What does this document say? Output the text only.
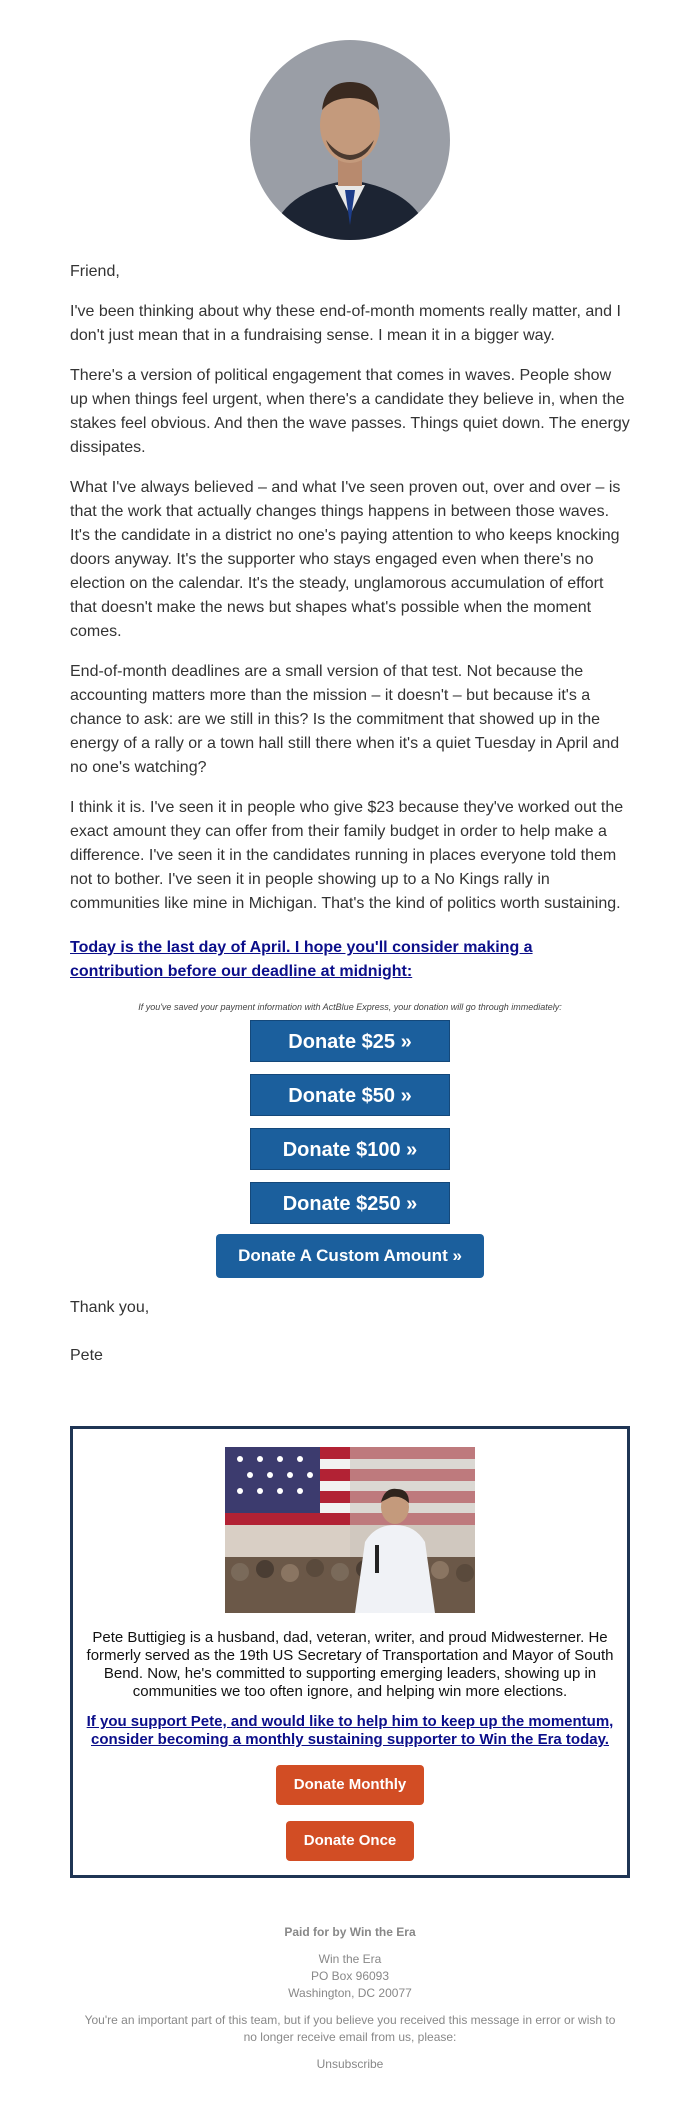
Friend,

I've been thinking about why these end-of-month moments really matter, and I don't just mean that in a fundraising sense. I mean it in a bigger way.

There's a version of political engagement that comes in waves. People show up when things feel urgent, when there's a candidate they believe in, when the stakes feel obvious. And then the wave passes. Things quiet down. The energy dissipates.

What I've always believed – and what I've seen proven out, over and over – is that the work that actually changes things happens in between those waves. It's the candidate in a district no one's paying attention to who keeps knocking doors anyway. It's the supporter who stays engaged even when there's no election on the calendar. It's the steady, unglamorous accumulation of effort that doesn't make the news but shapes what's possible when the moment comes.

End-of-month deadlines are a small version of that test. Not because the accounting matters more than the mission – it doesn't – but because it's a chance to ask: are we still in this? Is the commitment that showed up in the energy of a rally or a town hall still there when it's a quiet Tuesday in April and no one's watching?

I think it is. I've seen it in people who give $23 because they've worked out the exact amount they can offer from their family budget in order to help make a difference. I've seen it in the candidates running in places everyone told them not to bother. I've seen it in people showing up to a No Kings rally in communities like mine in Michigan. That's the kind of politics worth sustaining.

Today is the last day of April. I hope you'll consider making a contribution before our deadline at midnight:
If you've saved your payment information with ActBlue Express, your donation will go through immediately:
Donate $25 »
Donate $50 »
Donate $100 »
Donate $250 »
Donate A Custom Amount »
Thank you,
Pete
Pete Buttigieg is a husband, dad, veteran, writer, and proud Midwesterner. He formerly served as the 19th US Secretary of Transportation and Mayor of South Bend. Now, he's committed to supporting emerging leaders, showing up in communities we too often ignore, and helping win more elections.
If you support Pete, and would like to help him to keep up the momentum, consider becoming a monthly sustaining supporter to Win the Era today.
Donate Monthly
Donate Once
Paid for by Win the Era
Win the Era
PO Box 96093
Washington, DC 20077
You're an important part of this team, but if you believe you received this message in error or wish to no longer receive email from us, please:
Unsubscribe
